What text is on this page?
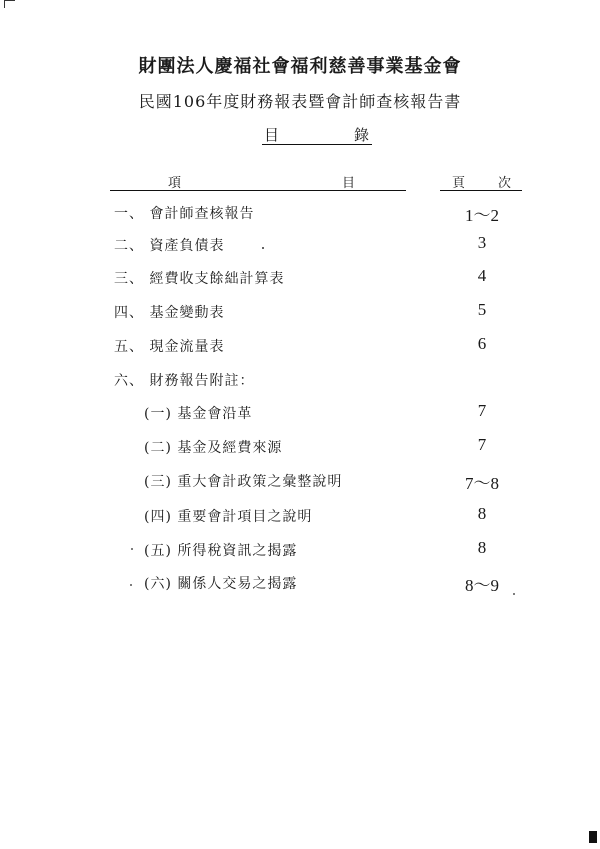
財團法人慶福社會福利慈善事業基金會
民國106年度財務報表暨會計師查核報告書
目	錄
項	目	頁	次
一、 會計師查核報告	1～2
二、 資產負債表	3
三、 經費收支餘絀計算表	4
四、 基金變動表	5
五、 現金流量表	6
六、 財務報告附註：
(一) 基金會沿革	7
(二) 基金及經費來源	7
(三) 重大會計政策之彙整說明	7～8
(四) 重要會計項目之說明	8
(五) 所得稅資訊之揭露	8
(六) 關係人交易之揭露	8～9
